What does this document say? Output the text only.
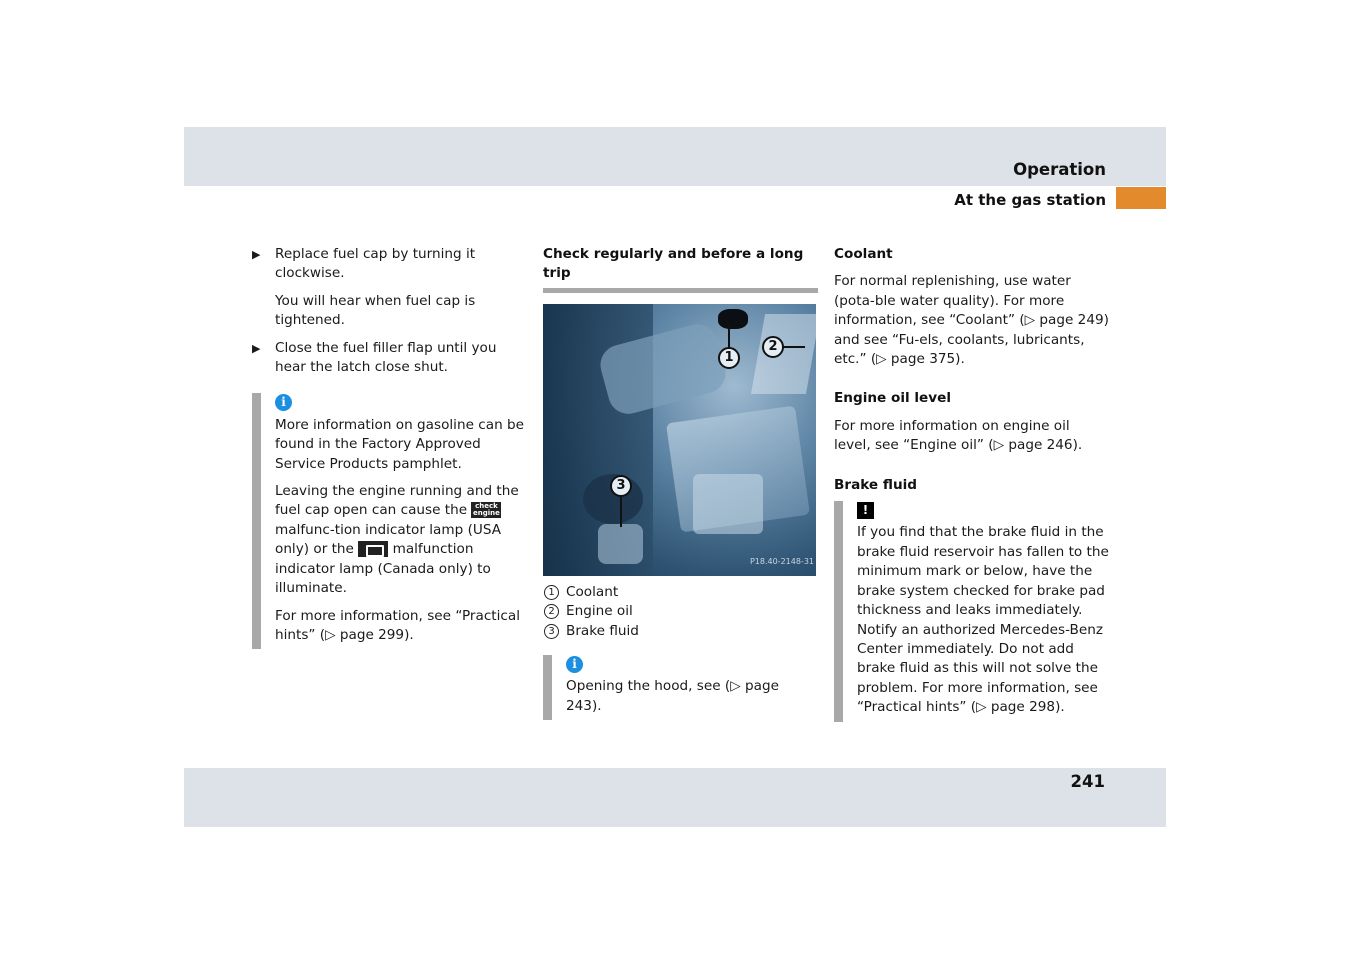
Operation
At the gas station
▶ Replace fuel cap by turning it clockwise.

You will hear when fuel cap is tightened.

▶ Close the fuel filler flap until you hear the latch close shut.

i

More information on gasoline can be found in the Factory Approved Service Products pamphlet.

Leaving the engine running and the fuel cap open can cause the check
engine malfunc-tion indicator lamp (USA only) or the	malfunction indicator lamp (Canada only) to illuminate.

For more information, see “Practical hints” (▷ page 299).

Check regularly and before a long trip
1
2
3
P18.40-2148-31
1 Coolant
2 Engine oil
3 Brake fluid
i

Opening the hood, see (▷ page 243).

Coolant

For normal replenishing, use water (pota-ble water quality). For more information, see “Coolant” (▷ page 249) and see “Fu-els, coolants, lubricants, etc.” (▷ page 375).

Engine oil level

For more information on engine oil level, see “Engine oil” (▷ page 246).

Brake fluid
!

If you find that the brake fluid in the brake fluid reservoir has fallen to the minimum mark or below, have the brake system checked for brake pad thickness and leaks immediately. Notify an authorized Mercedes-Benz Center immediately. Do not add brake fluid as this will not solve the problem. For more information, see “Practical hints” (▷ page 298).

241
